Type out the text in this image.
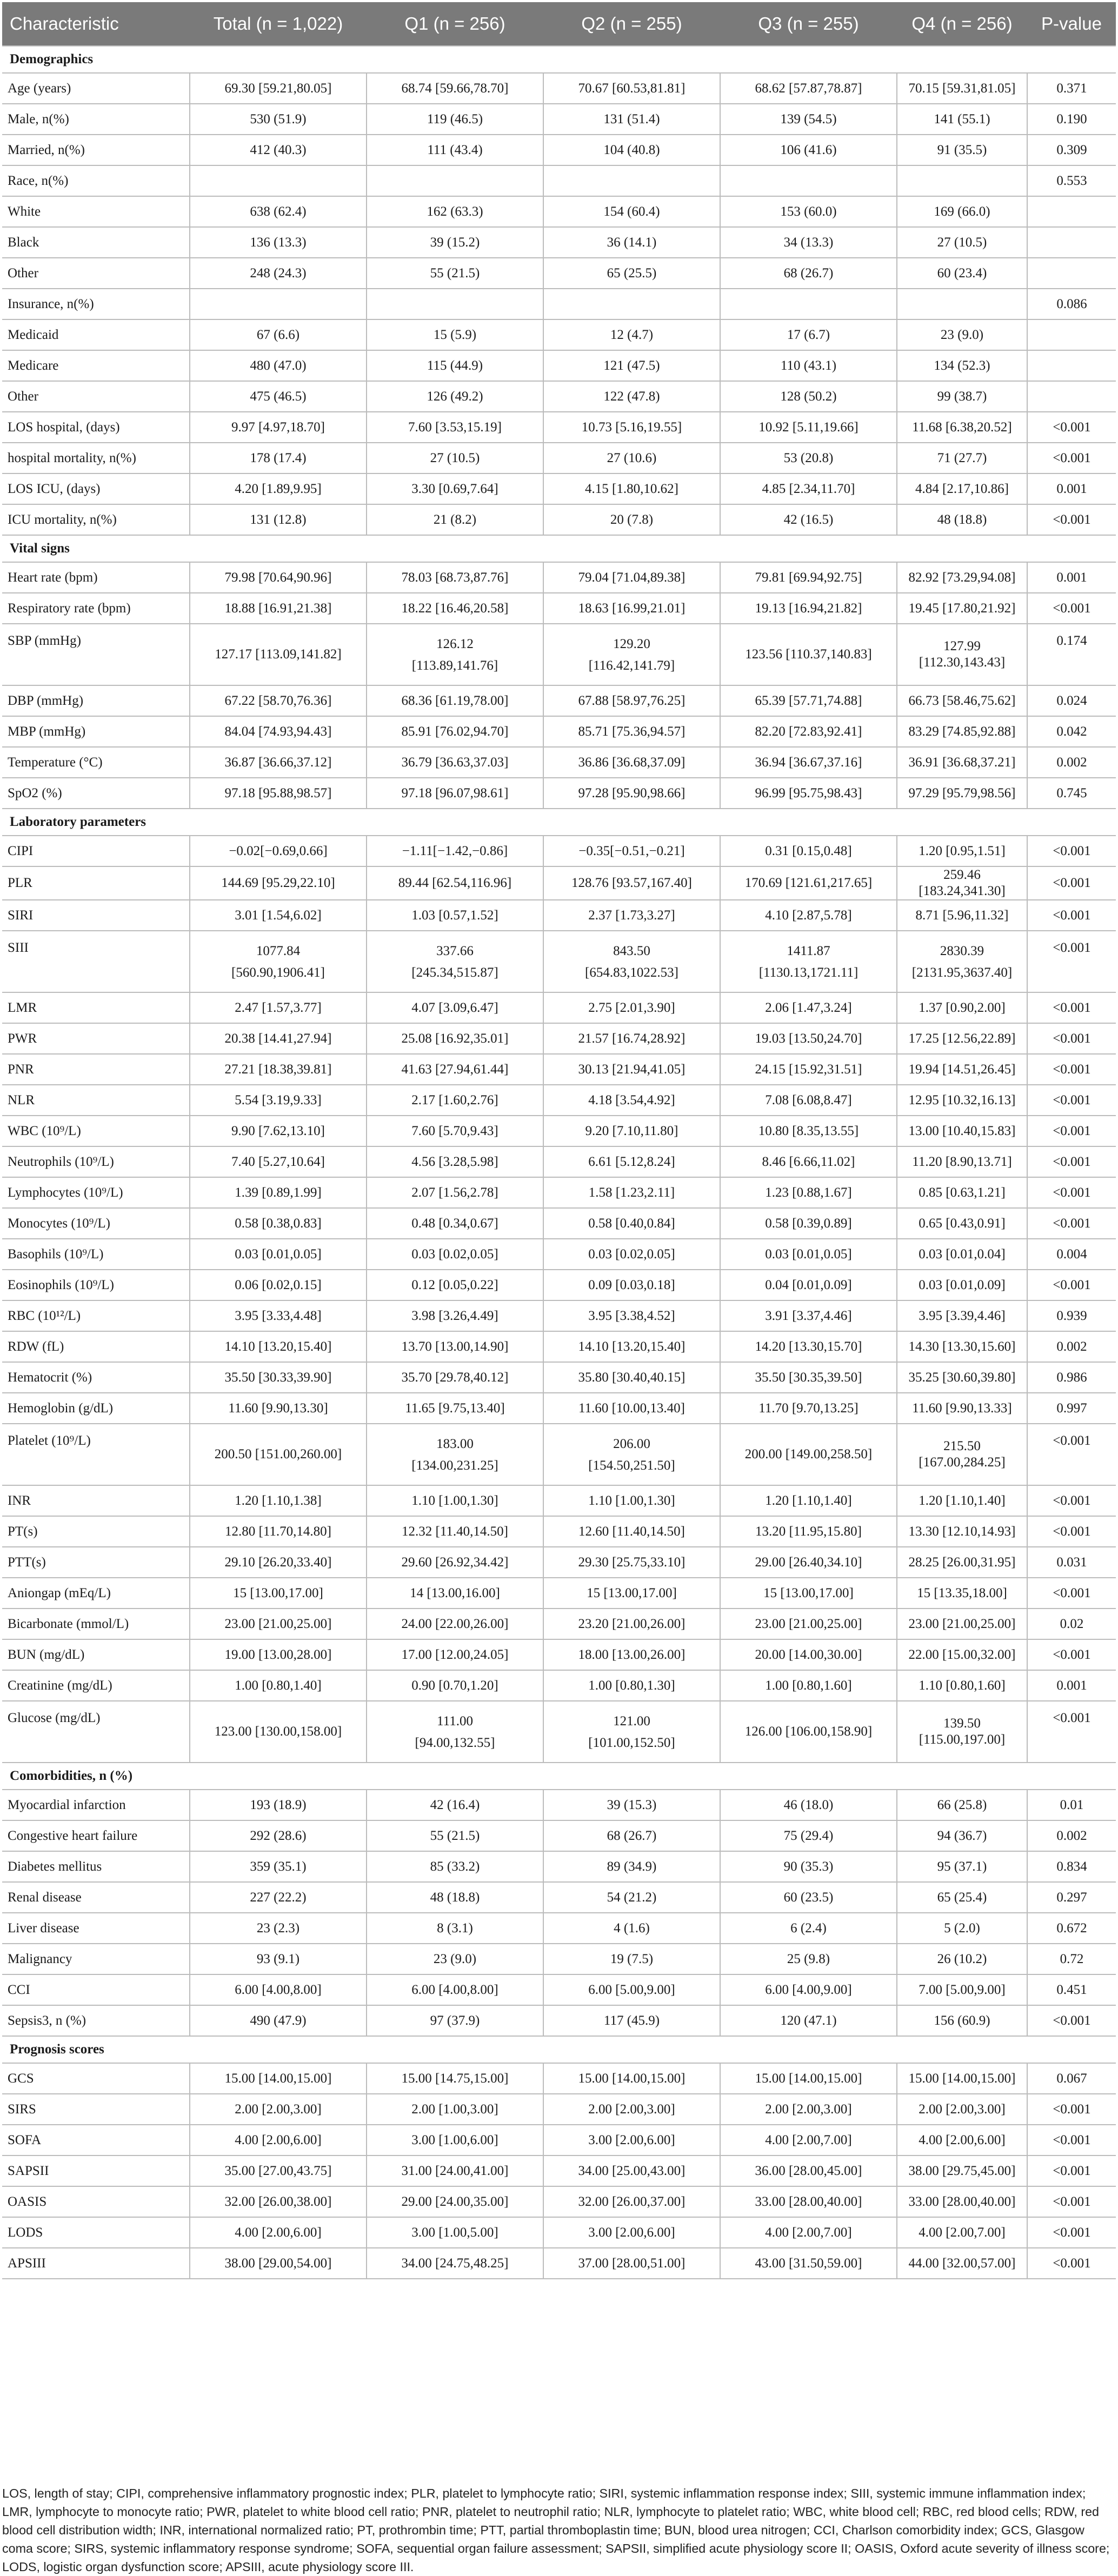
Characteristic	Total (n = 1,022)	Q1 (n = 256)	Q2 (n = 255)	Q3 (n = 255)	Q4 (n = 256)	P-value
Demographics						
Age (years)	69.30 [59.21,80.05]	68.74 [59.66,78.70]	70.67 [60.53,81.81]	68.62 [57.87,78.87]	70.15 [59.31,81.05]	0.371
Male, n(%)	530 (51.9)	119 (46.5)	131 (51.4)	139 (54.5)	141 (55.1)	0.190
Married, n(%)	412 (40.3)	111 (43.4)	104 (40.8)	106 (41.6)	91 (35.5)	0.309
Race, n(%)						0.553
White	638 (62.4)	162 (63.3)	154 (60.4)	153 (60.0)	169 (66.0)	
Black	136 (13.3)	39 (15.2)	36 (14.1)	34 (13.3)	27 (10.5)	
Other	248 (24.3)	55 (21.5)	65 (25.5)	68 (26.7)	60 (23.4)	
Insurance, n(%)						0.086
Medicaid	67 (6.6)	15 (5.9)	12 (4.7)	17 (6.7)	23 (9.0)	
Medicare	480 (47.0)	115 (44.9)	121 (47.5)	110 (43.1)	134 (52.3)	
Other	475 (46.5)	126 (49.2)	122 (47.8)	128 (50.2)	99 (38.7)	
LOS hospital, (days)	9.97 [4.97,18.70]	7.60 [3.53,15.19]	10.73 [5.16,19.55]	10.92 [5.11,19.66]	11.68 [6.38,20.52]	<0.001
hospital mortality, n(%)	178 (17.4)	27 (10.5)	27 (10.6)	53 (20.8)	71 (27.7)	<0.001
LOS ICU, (days)	4.20 [1.89,9.95]	3.30 [0.69,7.64]	4.15 [1.80,10.62]	4.85 [2.34,11.70]	4.84 [2.17,10.86]	0.001
ICU mortality, n(%)	131 (12.8)	21 (8.2)	20 (7.8)	42 (16.5)	48 (18.8)	<0.001
Vital signs						
Heart rate (bpm)	79.98 [70.64,90.96]	78.03 [68.73,87.76]	79.04 [71.04,89.38]	79.81 [69.94,92.75]	82.92 [73.29,94.08]	0.001
Respiratory rate (bpm)	18.88 [16.91,21.38]	18.22 [16.46,20.58]	18.63 [16.99,21.01]	19.13 [16.94,21.82]	19.45 [17.80,21.92]	<0.001
SBP (mmHg)	127.17 [113.09,141.82]	126.12
[113.89,141.76]	129.20
[116.42,141.79]	123.56 [110.37,140.83]	127.99 [112.30,143.43]	0.174
DBP (mmHg)	67.22 [58.70,76.36]	68.36 [61.19,78.00]	67.88 [58.97,76.25]	65.39 [57.71,74.88]	66.73 [58.46,75.62]	0.024
MBP (mmHg)	84.04 [74.93,94.43]	85.91 [76.02,94.70]	85.71 [75.36,94.57]	82.20 [72.83,92.41]	83.29 [74.85,92.88]	0.042
Temperature (°C)	36.87 [36.66,37.12]	36.79 [36.63,37.03]	36.86 [36.68,37.09]	36.94 [36.67,37.16]	36.91 [36.68,37.21]	0.002
SpO2 (%)	97.18 [95.88,98.57]	97.18 [96.07,98.61]	97.28 [95.90,98.66]	96.99 [95.75,98.43]	97.29 [95.79,98.56]	0.745
Laboratory parameters						
CIPI	−0.02[−0.69,0.66]	−1.11[−1.42,−0.86]	−0.35[−0.51,−0.21]	0.31 [0.15,0.48]	1.20 [0.95,1.51]	<0.001
PLR	144.69 [95.29,22.10]	89.44 [62.54,116.96]	128.76 [93.57,167.40]	170.69 [121.61,217.65]	259.46 [183.24,341.30]	<0.001
SIRI	3.01 [1.54,6.02]	1.03 [0.57,1.52]	2.37 [1.73,3.27]	4.10 [2.87,5.78]	8.71 [5.96,11.32]	<0.001
SIII	1077.84
[560.90,1906.41]	337.66
[245.34,515.87]	843.50
[654.83,1022.53]	1411.87
[1130.13,1721.11]	2830.39
[2131.95,3637.40]	<0.001
LMR	2.47 [1.57,3.77]	4.07 [3.09,6.47]	2.75 [2.01,3.90]	2.06 [1.47,3.24]	1.37 [0.90,2.00]	<0.001
PWR	20.38 [14.41,27.94]	25.08 [16.92,35.01]	21.57 [16.74,28.92]	19.03 [13.50,24.70]	17.25 [12.56,22.89]	<0.001
PNR	27.21 [18.38,39.81]	41.63 [27.94,61.44]	30.13 [21.94,41.05]	24.15 [15.92,31.51]	19.94 [14.51,26.45]	<0.001
NLR	5.54 [3.19,9.33]	2.17 [1.60,2.76]	4.18 [3.54,4.92]	7.08 [6.08,8.47]	12.95 [10.32,16.13]	<0.001
WBC (10⁹/L)	9.90 [7.62,13.10]	7.60 [5.70,9.43]	9.20 [7.10,11.80]	10.80 [8.35,13.55]	13.00 [10.40,15.83]	<0.001
Neutrophils (10⁹/L)	7.40 [5.27,10.64]	4.56 [3.28,5.98]	6.61 [5.12,8.24]	8.46 [6.66,11.02]	11.20 [8.90,13.71]	<0.001
Lymphocytes (10⁹/L)	1.39 [0.89,1.99]	2.07 [1.56,2.78]	1.58 [1.23,2.11]	1.23 [0.88,1.67]	0.85 [0.63,1.21]	<0.001
Monocytes (10⁹/L)	0.58 [0.38,0.83]	0.48 [0.34,0.67]	0.58 [0.40,0.84]	0.58 [0.39,0.89]	0.65 [0.43,0.91]	<0.001
Basophils (10⁹/L)	0.03 [0.01,0.05]	0.03 [0.02,0.05]	0.03 [0.02,0.05]	0.03 [0.01,0.05]	0.03 [0.01,0.04]	0.004
Eosinophils (10⁹/L)	0.06 [0.02,0.15]	0.12 [0.05,0.22]	0.09 [0.03,0.18]	0.04 [0.01,0.09]	0.03 [0.01,0.09]	<0.001
RBC (10¹²/L)	3.95 [3.33,4.48]	3.98 [3.26,4.49]	3.95 [3.38,4.52]	3.91 [3.37,4.46]	3.95 [3.39,4.46]	0.939
RDW (fL)	14.10 [13.20,15.40]	13.70 [13.00,14.90]	14.10 [13.20,15.40]	14.20 [13.30,15.70]	14.30 [13.30,15.60]	0.002
Hematocrit (%)	35.50 [30.33,39.90]	35.70 [29.78,40.12]	35.80 [30.40,40.15]	35.50 [30.35,39.50]	35.25 [30.60,39.80]	0.986
Hemoglobin (g/dL)	11.60 [9.90,13.30]	11.65 [9.75,13.40]	11.60 [10.00,13.40]	11.70 [9.70,13.25]	11.60 [9.90,13.33]	0.997
Platelet (10⁹/L)	200.50 [151.00,260.00]	183.00
[134.00,231.25]	206.00
[154.50,251.50]	200.00 [149.00,258.50]	215.50 [167.00,284.25]	<0.001
INR	1.20 [1.10,1.38]	1.10 [1.00,1.30]	1.10 [1.00,1.30]	1.20 [1.10,1.40]	1.20 [1.10,1.40]	<0.001
PT(s)	12.80 [11.70,14.80]	12.32 [11.40,14.50]	12.60 [11.40,14.50]	13.20 [11.95,15.80]	13.30 [12.10,14.93]	<0.001
PTT(s)	29.10 [26.20,33.40]	29.60 [26.92,34.42]	29.30 [25.75,33.10]	29.00 [26.40,34.10]	28.25 [26.00,31.95]	0.031
Aniongap (mEq/L)	15 [13.00,17.00]	14 [13.00,16.00]	15 [13.00,17.00]	15 [13.00,17.00]	15 [13.35,18.00]	<0.001
Bicarbonate (mmol/L)	23.00 [21.00,25.00]	24.00 [22.00,26.00]	23.20 [21.00,26.00]	23.00 [21.00,25.00]	23.00 [21.00,25.00]	0.02
BUN (mg/dL)	19.00 [13.00,28.00]	17.00 [12.00,24.05]	18.00 [13.00,26.00]	20.00 [14.00,30.00]	22.00 [15.00,32.00]	<0.001
Creatinine (mg/dL)	1.00 [0.80,1.40]	0.90 [0.70,1.20]	1.00 [0.80,1.30]	1.00 [0.80,1.60]	1.10 [0.80,1.60]	0.001
Glucose (mg/dL)	123.00 [130.00,158.00]	111.00
[94.00,132.55]	121.00
[101.00,152.50]	126.00 [106.00,158.90]	139.50 [115.00,197.00]	<0.001
Comorbidities, n (%)						
Myocardial infarction	193 (18.9)	42 (16.4)	39 (15.3)	46 (18.0)	66 (25.8)	0.01
Congestive heart failure	292 (28.6)	55 (21.5)	68 (26.7)	75 (29.4)	94 (36.7)	0.002
Diabetes mellitus	359 (35.1)	85 (33.2)	89 (34.9)	90 (35.3)	95 (37.1)	0.834
Renal disease	227 (22.2)	48 (18.8)	54 (21.2)	60 (23.5)	65 (25.4)	0.297
Liver disease	23 (2.3)	8 (3.1)	4 (1.6)	6 (2.4)	5 (2.0)	0.672
Malignancy	93 (9.1)	23 (9.0)	19 (7.5)	25 (9.8)	26 (10.2)	0.72
CCI	6.00 [4.00,8.00]	6.00 [4.00,8.00]	6.00 [5.00,9.00]	6.00 [4.00,9.00]	7.00 [5.00,9.00]	0.451
Sepsis3, n (%)	490 (47.9)	97 (37.9)	117 (45.9)	120 (47.1)	156 (60.9)	<0.001
Prognosis scores						
GCS	15.00 [14.00,15.00]	15.00 [14.75,15.00]	15.00 [14.00,15.00]	15.00 [14.00,15.00]	15.00 [14.00,15.00]	0.067
SIRS	2.00 [2.00,3.00]	2.00 [1.00,3.00]	2.00 [2.00,3.00]	2.00 [2.00,3.00]	2.00 [2.00,3.00]	<0.001
SOFA	4.00 [2.00,6.00]	3.00 [1.00,6.00]	3.00 [2.00,6.00]	4.00 [2.00,7.00]	4.00 [2.00,6.00]	<0.001
SAPSII	35.00 [27.00,43.75]	31.00 [24.00,41.00]	34.00 [25.00,43.00]	36.00 [28.00,45.00]	38.00 [29.75,45.00]	<0.001
OASIS	32.00 [26.00,38.00]	29.00 [24.00,35.00]	32.00 [26.00,37.00]	33.00 [28.00,40.00]	33.00 [28.00,40.00]	<0.001
LODS	4.00 [2.00,6.00]	3.00 [1.00,5.00]	3.00 [2.00,6.00]	4.00 [2.00,7.00]	4.00 [2.00,7.00]	<0.001
APSIII	38.00 [29.00,54.00]	34.00 [24.75,48.25]	37.00 [28.00,51.00]	43.00 [31.50,59.00]	44.00 [32.00,57.00]	<0.001
LOS, length of stay; CIPI, comprehensive inflammatory prognostic index; PLR, platelet to lymphocyte ratio; SIRI, systemic inflammation response index; SIII, systemic immune inflammation index; LMR, lymphocyte to monocyte ratio; PWR, platelet to white blood cell ratio; PNR, platelet to neutrophil ratio; NLR, lymphocyte to platelet ratio; WBC, white blood cell; RBC, red blood cells; RDW, red blood cell distribution width; INR, international normalized ratio; PT, prothrombin time; PTT, partial thromboplastin time; BUN, blood urea nitrogen; CCI, Charlson comorbidity index; GCS, Glasgow coma score; SIRS, systemic inflammatory response syndrome; SOFA, sequential organ failure assessment; SAPSII, simplified acute physiology score II; OASIS, Oxford acute severity of illness score; LODS, logistic organ dysfunction score; APSIII, acute physiology score III.
